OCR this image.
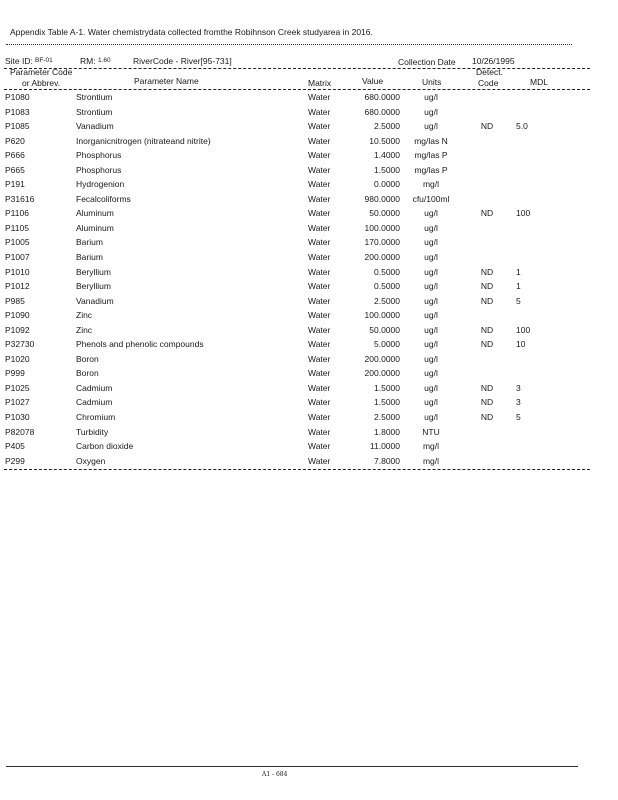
Appendix Table A-1. Water chemistrydata collected fromthe Robihnson Creek studyarea in 2016.
Site ID: BF-01	RM: 1.60	RiverCode - River[95-731]	Collection Date 10/26/1995
Parameter Code
or Abbrev.	Parameter Name	Matrix	Value	Units
Detect.
Code	MDL
P1080	Strontium	Water	680.0000	ug/l
P1083	Strontium	Water	680.0000	ug/l
P1085	Vanadium	Water	2.5000	ug/l	ND	5.0
P620	Inorganicnitrogen (nitrateand nitrite)	Water	10.5000	mg/las N
P666	Phosphorus	Water	1.4000	mg/las P
P665	Phosphorus	Water	1.5000	mg/las P
P191	Hydrogenion	Water	0.0000	mg/l
P31616	Fecalcoliforms	Water	980.0000	cfu/100ml
P1106	Aluminum	Water	50.0000	ug/l	ND	100
P1105	Aluminum	Water	100.0000	ug/l
P1005	Barium	Water	170.0000	ug/l
P1007	Barium	Water	200.0000	ug/l
P1010	Beryllium	Water	0.5000	ug/l	ND	1
P1012	Beryllium	Water	0.5000	ug/l	ND	1
P985	Vanadium	Water	2.5000	ug/l	ND	5
P1090	Zinc	Water	100.0000	ug/l
P1092	Zinc	Water	50.0000	ug/l	ND	100
P32730	Phenols and phenolic compounds	Water	5.0000	ug/l	ND	10
P1020	Boron	Water	200.0000	ug/l
P999	Boron	Water	200.0000	ug/l
P1025	Cadmium	Water	1.5000	ug/l	ND	3
P1027	Cadmium	Water	1.5000	ug/l	ND	3
P1030	Chromium	Water	2.5000	ug/l	ND	5
P82078	Turbidity	Water	1.8000	NTU
P405	Carbon dioxide	Water	11.0000	mg/l
P299	Oxygen	Water	7.8000	mg/l
A1 - 684
